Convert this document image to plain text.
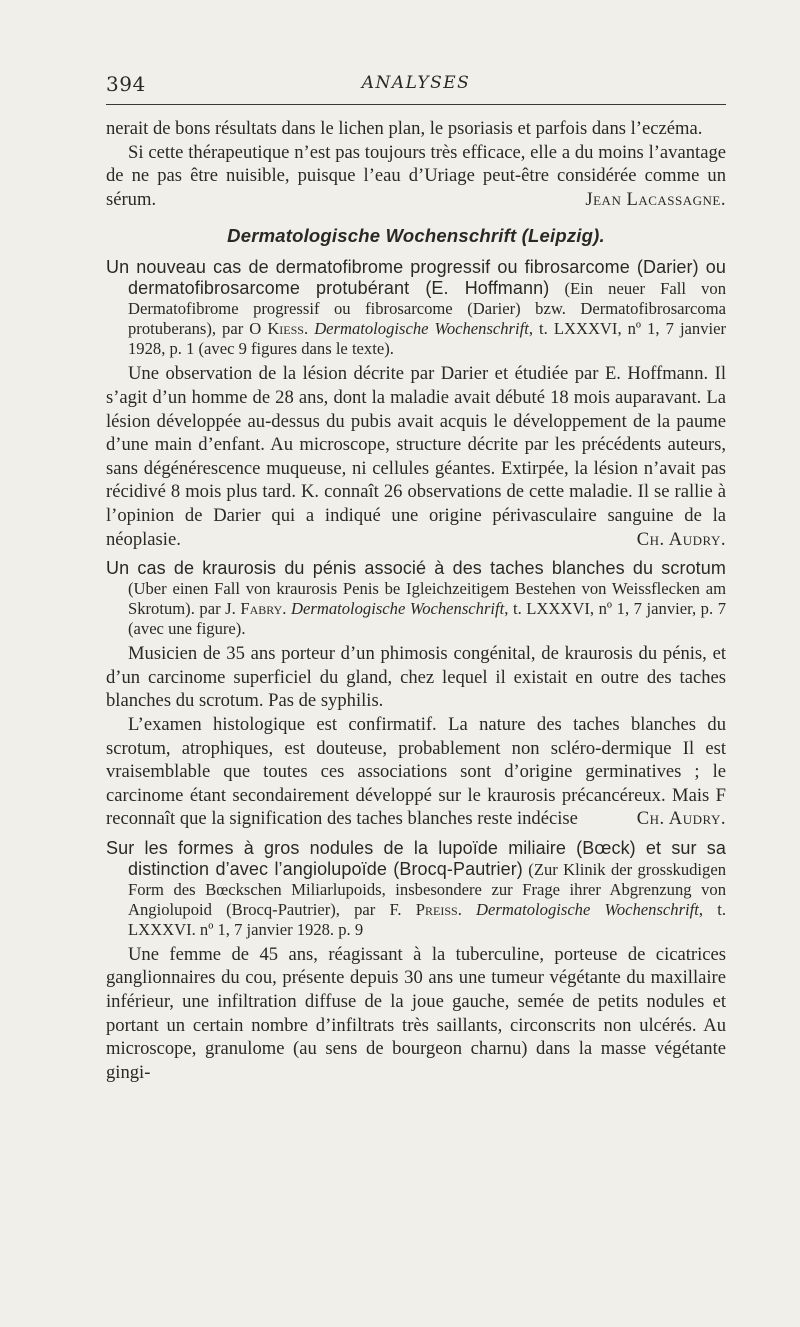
394	ANALYSES

nerait de bons résultats dans le lichen plan, le psoriasis et parfois dans l’eczéma.

Si cette thérapeutique n’est pas toujours très efficace, elle a du moins l’avantage de ne pas être nuisible, puisque l’eau d’Uriage peut-être considérée comme un sérum.	Jean Lacassagne.

Dermatologische Wochenschrift (Leipzig).

Un nouveau cas de dermatofibrome progressif ou fibrosarcome (Darier) ou dermatofibrosarcome protubérant (E. Hoffmann) (Ein neuer Fall von Dermatofibrome progressif ou fibrosarcome (Darier) bzw. Dermatofibrosarcoma protuberans), par O Kiess. Dermatologische Wochenschrift, t. LXXXVI, nº 1, 7 janvier 1928, p. 1 (avec 9 figures dans le texte).

Une observation de la lésion décrite par Darier et étudiée par E. Hoffmann. Il s’agit d’un homme de 28 ans, dont la maladie avait débuté 18 mois auparavant. La lésion développée au-dessus du pubis avait acquis le développement de la paume d’une main d’enfant. Au microscope, structure décrite par les précédents auteurs, sans dégénérescence muqueuse, ni cellules géantes. Extirpée, la lésion n’avait pas récidivé 8 mois plus tard. K. connaît 26 observations de cette maladie. Il se rallie à l’opinion de Darier qui a indiqué une origine périvasculaire sanguine de la néoplasie.	Ch. Audry.

Un cas de kraurosis du pénis associé à des taches blanches du scrotum (Uber einen Fall von kraurosis Penis be Igleichzeitigem Bestehen von Weissflecken am Skrotum). par J. Fabry. Dermatologische Wochenschrift, t. LXXXVI, nº 1, 7 janvier, p. 7 (avec une figure).

Musicien de 35 ans porteur d’un phimosis congénital, de kraurosis du pénis, et d’un carcinome superficiel du gland, chez lequel il existait en outre des taches blanches du scrotum. Pas de syphilis.

L’examen histologique est confirmatif. La nature des taches blanches du scrotum, atrophiques, est douteuse, probablement non scléro-dermique Il est vraisemblable que toutes ces associations sont d’origine germinatives ; le carcinome étant secondairement développé sur le kraurosis précancéreux. Mais F reconnaît que la signification des taches blanches reste indécise	Ch. Audry.

Sur les formes à gros nodules de la lupoïde miliaire (Bœck) et sur sa distinction d’avec l’angiolupoïde (Brocq-Pautrier) (Zur Klinik der grosskudigen Form des Bœckschen Miliarlupoids, insbesondere zur Frage ihrer Abgrenzung von Angiolupoid (Brocq-Pautrier), par F. Preiss. Dermatologische Wochenschrift, t. LXXXVI. nº 1, 7 janvier 1928. p. 9

Une femme de 45 ans, réagissant à la tuberculine, porteuse de cicatrices ganglionnaires du cou, présente depuis 30 ans une tumeur végétante du maxillaire inférieur, une infiltration diffuse de la joue gauche, semée de petits nodules et portant un certain nombre d’infiltrats très saillants, circonscrits non ulcérés. Au microscope, granulome (au sens de bourgeon charnu) dans la masse végétante gingi-
